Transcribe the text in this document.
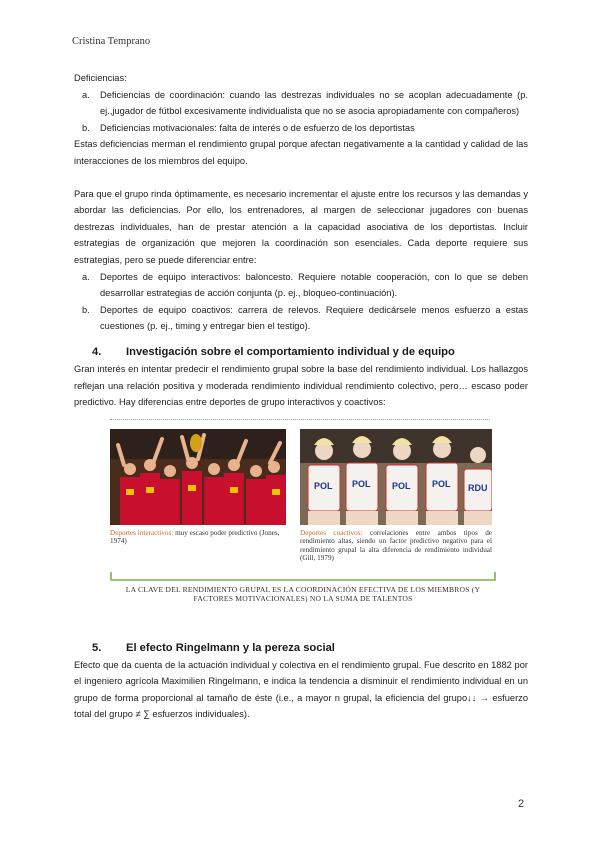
Cristina Temprano

Deficiencias:

a.	Deficiencias de coordinación: cuando las destrezas individuales no se acoplan adecuadamente (p. ej.,jugador de fútbol excesivamente individualista que no se asocia apropiadamente con compañeros)
b.	Deficiencias motivacionales: falta de interés o de esfuerzo de los deportistas

Estas deficiencias merman el rendimiento grupal porque afectan negativamente a la cantidad y calidad de las interacciones de los miembros del equipo.

Para que el grupo rinda óptimamente, es necesario incrementar el ajuste entre los recursos y las demandas y abordar las deficiencias. Por ello, los entrenadores, al margen de seleccionar jugadores con buenas destrezas individuales, han de prestar atención a la capacidad asociativa de los deportistas. Incluir estrategias de organización que mejoren la coordinación son esenciales. Cada deporte requiere sus estrategias, pero se puede diferenciar entre:

a.	Deportes de equipo interactivos: baloncesto. Requiere notable cooperación, con lo que se deben desarrollar estrategias de acción conjunta (p. ej., bloqueo-continuación).
b.	Deportes de equipo coactivos: carrera de relevos. Requiere dedicársele menos esfuerzo a estas cuestiones (p. ej., timing y entregar bien el testigo).
4.	Investigación sobre el comportamiento individual y de equipo

Gran interés en intentar predecir el rendimiento grupal sobre la base del rendimiento individual. Los hallazgos reflejan una relación positiva y moderada rendimiento individual rendimiento colectivo, pero… escaso poder predictivo. Hay diferencias entre deportes de grupo interactivos y coactivos:

POL POL POL POL RDU
Deportes interactivos: muy escaso poder predictivo (Jones, 1974)
Deportes coactivos: correlaciones entre ambos tipos de rendimiento altas, siendo un factor predictivo negativo para el rendimiento grupal la alta diferencia de rendimiento individual (Gill, 1979)
LA CLAVE DEL RENDIMIENTO GRUPAL ES LA COORDINACIÓN EFECTIVA DE LOS MIEMBROS (Y FACTORES MOTIVACIONALES) NO LA SUMA DE TALENTOS
5.	El efecto Ringelmann y la pereza social

Efecto que da cuenta de la actuación individual y colectiva en el rendimiento grupal. Fue descrito en 1882 por el ingeniero agrícola Maximilien Ringelmann, e indica la tendencia a disminuir el rendimiento individual en un grupo de forma proporcional al tamaño de éste (i.e., a mayor n grupal, la eficiencia del grupo↓↓ → esfuerzo total del grupo ≠ ∑ esfuerzos individuales).

2
